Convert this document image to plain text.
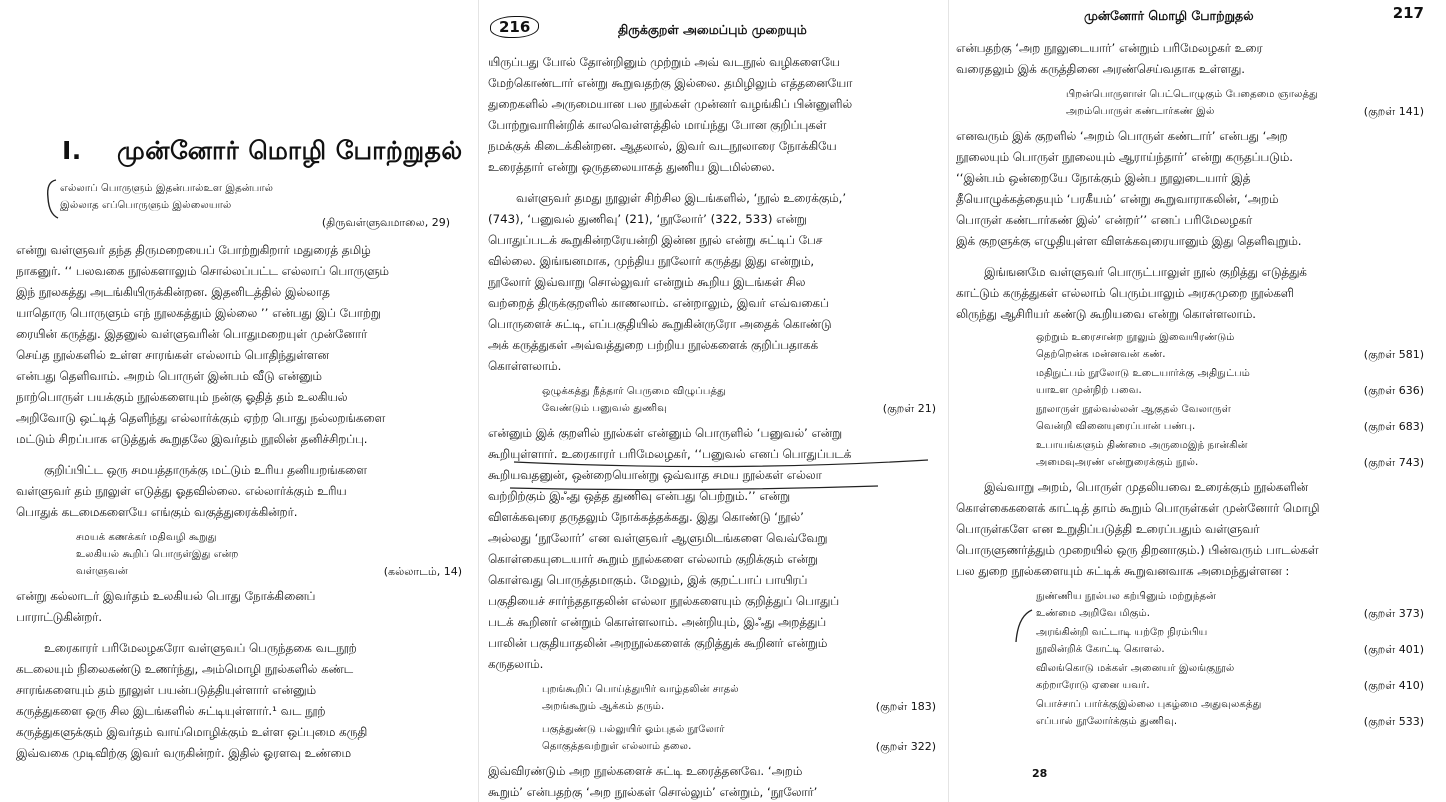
I. முன்னோர் மொழி போற்றுதல்
எல்லாப் பொருளும் இதன்பால்உள இதன்பால்
இல்லாத எப்பொருளும் இல்லையால்
(திருவள்ளுவமாலை, 29)

என்று வள்ளுவர் தந்த திருமறையைப் போற்றுகிறார் மதுரைத் தமிழ்
நாகனுர். ‘‘ பலவகை நூல்களாலும் சொல்லப்பட்ட எல்லாப் பொருளும்
இந் நூலகத்து அடங்கியிருக்கின்றன. இதனிடத்தில் இல்லாத
யாதொரு பொருளும் எந் நூலகத்தும் இல்லை ’’ என்பது இப் போற்று
ரையின் கருத்து. இதனுல் வள்ளுவரின் பொதுமறையுள் முன்னோர்
செய்த நூல்களில் உள்ள சாரங்கள் எல்லாம் பொதிந்துள்ளன
என்பது தெளிவாம். அறம் பொருள் இன்பம் வீடு என்னும்
நாற்பொருள் பயக்கும் நூல்களையும் நன்கு ஓதித் தம் உலகியல்
அறிவோடு ஒட்டித் தெளிந்து எல்லார்க்கும் ஏற்ற பொது நல்லறங்களை
மட்டும் சிறப்பாக எடுத்துக் கூறுதலே இவர்தம் நூலின் தனிச்சிறப்பு.

குறிப்பிட்ட ஒரு சமயத்தாருக்கு மட்டும் உரிய தனியறங்களை
வள்ளுவர் தம் நூலுள் எடுத்து ஓதவில்லை. எல்லார்க்கும் உரிய
பொதுக் கடமைகளையே எங்கும் வகுத்துரைக்கின்றர்.

சமயக் கணக்கர் மதிவழி கூறுது
உலகியல் கூறிப் பொருள்இது என்ற
வள்ளுவன்	(கல்லாடம், 14)

என்று கல்லாடர் இவர்தம் உலகியல் பொது நோக்கினைப்
பாராட்டுகின்றர்.

உரைகாரர் பரிமேலழகரோ வள்ளுவப் பெருந்தகை வடநூற்
கடலையும் நிலைகண்டு உணர்ந்து, அம்மொழி நூல்களில் கண்ட
சாரங்களையும் தம் நூலுள் பயன்படுத்தியுள்ளார் என்னும்
கருத்துகளை ஒரு சில இடங்களில் சுட்டியுள்ளார்.¹ வட நூற்
கருத்துகளுக்கும் இவர்தம் வாய்மொழிக்கும் உள்ள ஒப்புமை கருதி
இவ்வகை முடிவிற்கு இவர் வருகின்றர். இதில் ஓரளவு உண்மை

216	திருக்குறள் அமைப்பும் முறையும்

யிருப்பது போல் தோன்றினும் முற்றும் அவ் வடநூல் வழிகளையே
மேற்கொண்டார் என்று கூறுவதற்கு இல்லை. தமிழிலும் எத்தனையோ
துறைகளில் அருமையான பல நூல்கள் முன்னர் வழங்கிப் பின்னுளில்
போற்றுவாரின்றிக் காலவெள்ளத்தில் மாய்ந்து போன குறிப்புகள்
நமக்குக் கிடைக்கின்றன. ஆதலால், இவர் வடநூலாரை நோக்கியே
உரைத்தார் என்று ஒருதலையாகத் துணிய இடமில்லை.

வள்ளுவர் தமது நூலுள் சிற்சில இடங்களில், ‘நூல் உரைக்கும்,’
(743), ‘பனுவல் துணிவு’ (21), ‘நூலோர்’ (322, 533) என்று
பொதுப்படக் கூறுகின்றரேயன்றி இன்ன நூல் என்று சுட்டிப் பேச
வில்லை. இங்ஙனமாக, முந்திய நூலோர் கருத்து இது என்றும்,
நூலோர் இவ்வாறு சொல்லுவர் என்றும் கூறிய இடங்கள் சில
வற்றைத் திருக்குறளில் காணலாம். என்றாலும், இவர் எவ்வகைப்
பொருளைச் சுட்டி, எப்பகுதியில் கூறுகின்ருரோ அதைக் கொண்டு
அக் கருத்துகள் அவ்வத்துறை பற்றிய நூல்களைக் குறிப்பதாகக்
கொள்ளலாம்.

ஒழுக்கத்து நீத்தார் பெருமை விழுப்பத்து
வேண்டும் பனுவல் துணிவு	(குறள் 21)

என்னும் இக் குறளில் நூல்கள் என்னும் பொருளில் ‘பனுவல்’ என்று
கூறியுள்ளார். உரைகாரர் பரிமேலழகர், ‘‘பனுவல் எனப் பொதுப்படக்
கூறியவதனுன், ஒன்றையொன்று ஒவ்வாத சமய நூல்கள் எல்லா
வற்றிற்கும் இஃது ஒத்த துணிவு என்பது பெற்றும்.’’ என்று
விளக்கவுரை தருதலும் நோக்கத்தக்கது. இது கொண்டு ‘நூல்’
அல்லது ‘நூலோர்’ என வள்ளுவர் ஆளுமிடங்களை வெவ்வேறு
கொள்கையுடையார் கூறும் நூல்களை எல்லாம் குறிக்கும் என்று
கொள்வது பொருத்தமாகும். மேலும், இக் குறட்பாப் பாயிரப்
பகுதியைச் சார்ந்ததாதலின் எல்லா நூல்களையும் குறித்துப் பொதுப்
படக் கூறினர் என்றும் கொள்ளலாம். அன்றியும், இஃது அறத்துப்
பாலின் பகுதியாதலின் அறநூல்களைக் குறித்துக் கூறினர் என்றும்
கருதலாம்.

புறங்கூறிப் பொய்த்துயிர் வாழ்தலின் சாதல்
அறங்கூறும் ஆக்கம் தரும்.	(குறள் 183)
பகுத்துண்டு பல்லுயிர் ஓம்புதல் நூலோர்
தொகுத்தவற்றுள் எல்லாம் தலை.	(குறள் 322)

இவ்விரண்டும் அற நூல்களைச் சுட்டி உரைத்தனவே. ‘அறம்
கூறும்’ என்பதற்கு ‘அற நூல்கள் சொல்லும்’ என்றும், ‘நூலோர்’

முன்னோர் மொழி போற்றுதல்	217

என்பதற்கு ‘அற நூலுடையார்’ என்றும் பரிமேலழகர் உரை
வரைதலும் இக் கருத்தினை அரண்செய்வதாக உள்ளது.

பிறன்பொருளாள் பெட்டொழுகும் பேதைமை ஞாலத்து
அறம்பொருள் கண்டார்கண் இல்	(குறள் 141)

எனவரும் இக் குறளில் ‘அறம் பொருள் கண்டார்’ என்பது ‘அற
நூலையும் பொருள் நூலையும் ஆராய்ந்தார்’ என்று கருதப்படும்.
‘‘இன்பம் ஒன்றையே நோக்கும் இன்ப நூலுடையார் இத்
தீயொழுக்கத்தையும் ‘பரகீயம்’ என்று கூறுவாராகலின், ‘அறம்
பொருள் கண்டார்கண் இல்’ என்றர்’’ எனப் பரிமேலழகர்
இக் குறளுக்கு எழுதியுள்ள விளக்கவுரையானும் இது தெளிவுறும்.

இங்ஙனமே வள்ளுவர் பொருட்பாலுள் நூல் குறித்து எடுத்துக்
காட்டும் கருத்துகள் எல்லாம் பெரும்பாலும் அரசுமுறை நூல்களி
லிருந்து ஆசிரியர் கண்டு கூறியவை என்று கொள்ளலாம்.

ஒற்றும் உரைசான்ற நூலும் இவையிரண்டும்
தெற்றென்க மன்னவன் கண்.	(குறள் 581)
மதிநுட்பம் நூலோடு உடையார்க்கு அதிநுட்பம்
யாஉள முன்நிற் பவை.	(குறள் 636)
நூலாருள் நூல்வல்லன் ஆகுதல் வேலாருள்
வென்றி வினையுரைப்பான் பண்பு.	(குறள் 683)
உபாயங்களும் திண்மை அருமைஇந் நான்கின்
அமைவுஅரண் என்றுரைக்கும் நூல்.	(குறள் 743)

இவ்வாறு அறம், பொருள் முதலியவை உரைக்கும் நூல்களின்
கொள்கைகளைக் காட்டித் தாம் கூறும் பொருள்கள் முன்னோர் மொழி
பொருள்களே என உறுதிப்படுத்தி உரைப்பதும் வள்ளுவர்
பொருளுணர்த்தும் முறையில் ஒரு திறனாகும்.) பின்வரும் பாடல்கள்
பல துறை நூல்களையும் சுட்டிக் கூறுவனவாக அமைந்துள்ளன :

நுண்ணிய நூல்பல கற்பினும் மற்றுந்தன்
உண்மை அறிவே மிகும்.	(குறள் 373)
அரங்கின்றி வட்டாடி யற்றே நிரம்பிய
நூலின்றிக் கோட்டி கொளல்.	(குறள் 401)
விலங்கொடு மக்கள் அனையர் இலங்குநூல்
கற்றாரோடு ஏனை யவர்.	(குறள் 410)
பொச்சாப் பார்க்குஇல்லை புகழ்மை அதுவுலகத்து
எப்பால் நூலோர்க்கும் துணிவு.	(குறள் 533)
28
